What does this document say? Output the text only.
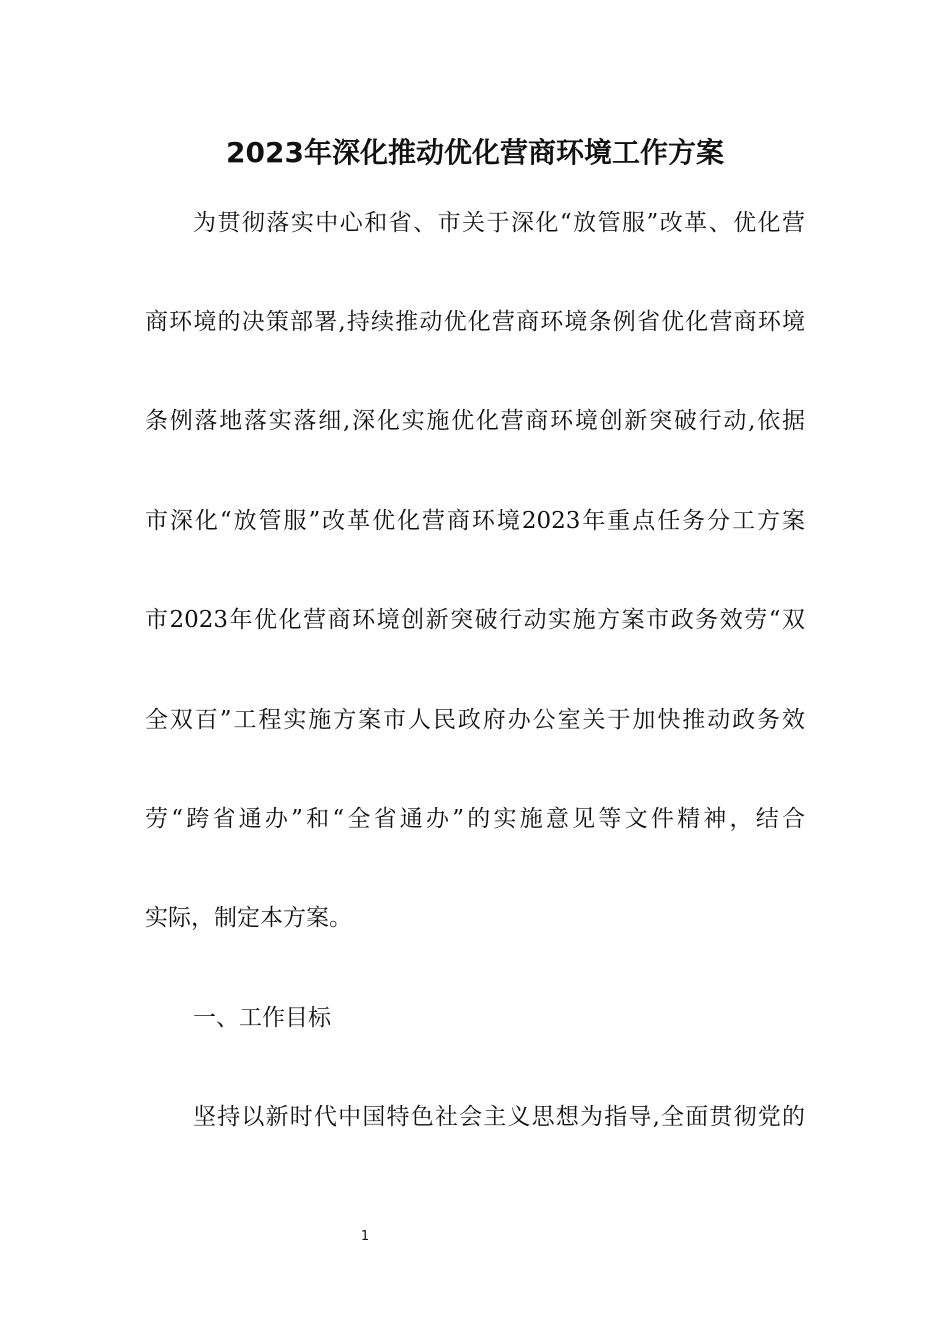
2023年深化推动优化营商环境工作方案
为贯彻落实中心和省、市关于深化“放管服”改革、优化营
商环境的决策部署,持续推动优化营商环境条例省优化营商环境
条例落地落实落细,深化实施优化营商环境创新突破行动,依据
市深化“放管服”改革优化营商环境2023年重点任务分工方案
市2023年优化营商环境创新突破行动实施方案市政务效劳“双
全双百”工程实施方案市人民政府办公室关于加快推动政务效
劳“跨省通办”和“全省通办”的实施意见等文件精神，结合
实际，制定本方案。
一、工作目标
坚持以新时代中国特色社会主义思想为指导,全面贯彻党的
1
